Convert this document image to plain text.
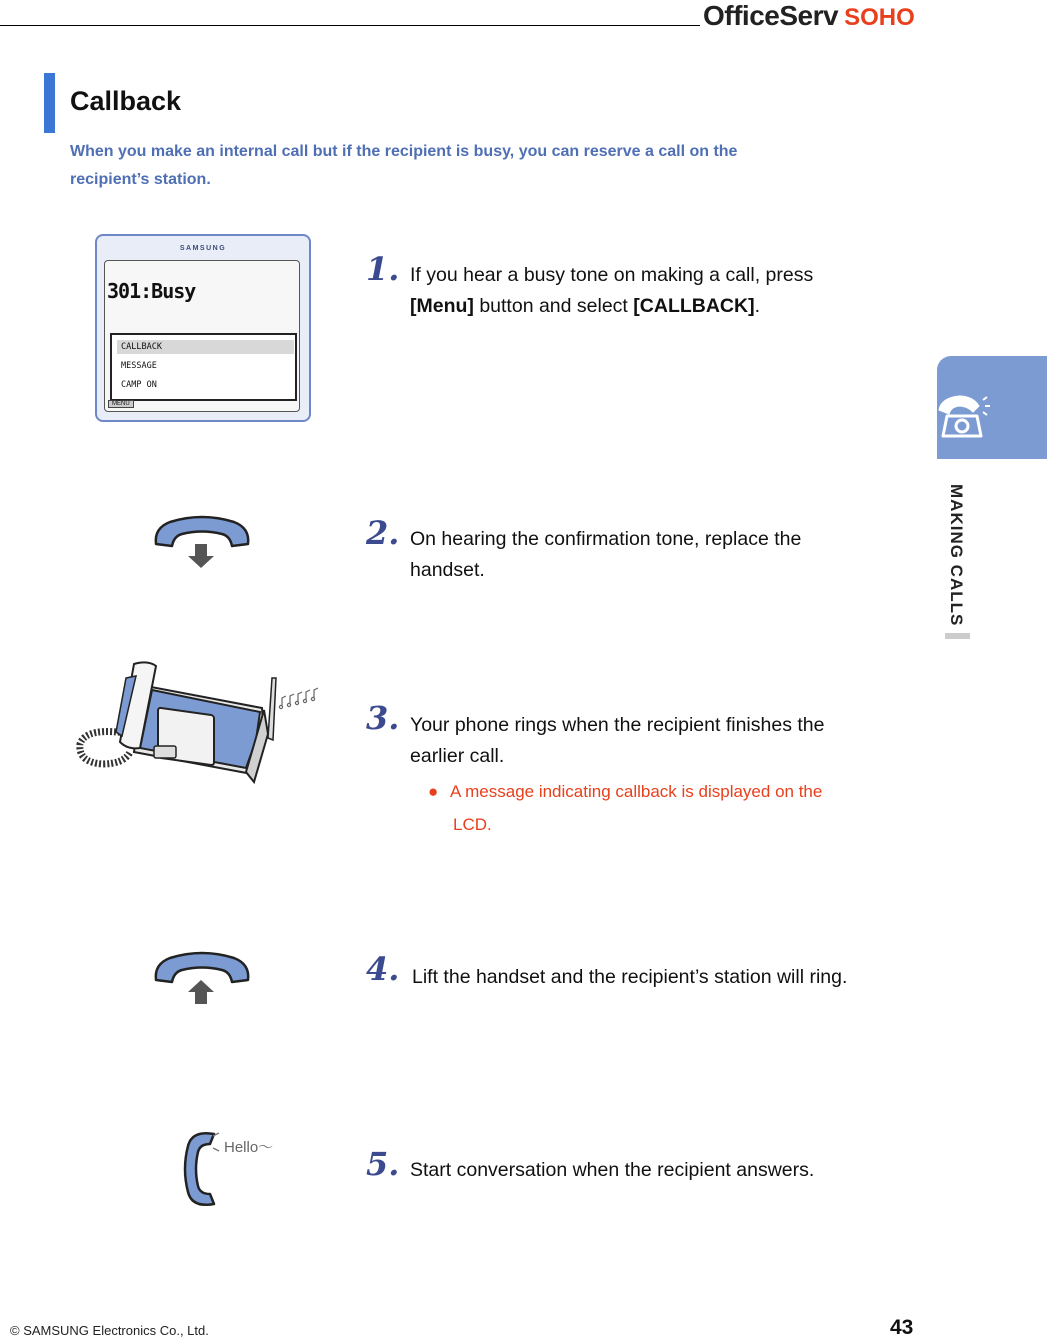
OfficeServ SOHO
Callback
When you make an internal call but if the recipient is busy, you can reserve a call on the
recipient’s station.
SAMSUNG
301:Busy
CALLBACK
MESSAGE
CAMP ON
MENU
1. If you hear a busy tone on making a call, press
[Menu] button and select [CALLBACK].
2. On hearing the confirmation tone, replace the
handset.
3. Your phone rings when the recipient finishes the
earlier call.
● A message indicating callback is displayed on the
LCD.
4. Lift the handset and the recipient’s station will ring.
Hello～	5. Start conversation when the recipient answers.
MAKING CALLS
© SAMSUNG Electronics Co., Ltd.	43
